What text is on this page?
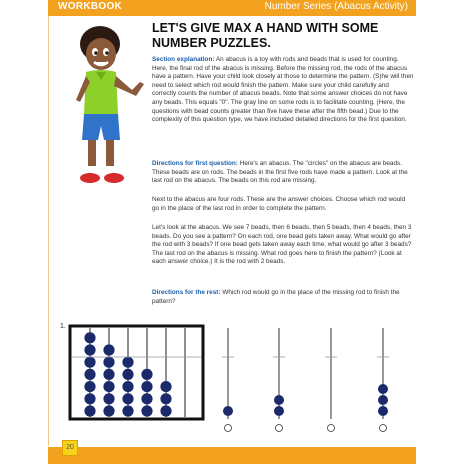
WORKBOOK	Number Series (Abacus Activity)
LET'S GIVE MAX A HAND WITH SOME
NUMBER PUZZLES.
Section explanation: An abacus is a toy with rods and beads that is used for counting. Here, the final rod of the abacus is missing. Before the missing rod, the rods of the abacus have a pattern. Have your child look closely at those to determine the pattern. (S)he will then need to select which rod would finish the pattern. Make sure your child carefully and correctly counts the number of abacus beads. Note that some answer choices do not have any beads. This equals "0". The gray line on some rods is to facilitate counting. (Here, the questions with bead counts greater than five have these after the fifth bead.) Due to the complexity of this question type, we have included detailed directions for the first question.
Directions for first question: Here's an abacus. The "circles" on the abacus are beads. These beads are on rods. The beads in the first five rods have made a pattern. Look at the last rod on the abacus. The beads on this rod are missing.
Next to the abacus are four rods. These are the answer choices. Choose which rod would go in the place of the last rod in order to complete the pattern.
Let's look at the abacus. We see 7 beads, then 6 beads, then 5 beads, then 4 beads, then 3 beads. Do you see a pattern? On each rod, one bead gets taken away. What would go after the rod with 3 beads? If one bead gets taken away each time, what would go after 3 beads? The last rod on the abacus is missing. What rod goes here to finish the pattern? (Look at each answer choice.) It is the rod with 2 beads.
Directions for the rest: Which rod would go in the place of the missing rod to finish the pattern?
1.
20
